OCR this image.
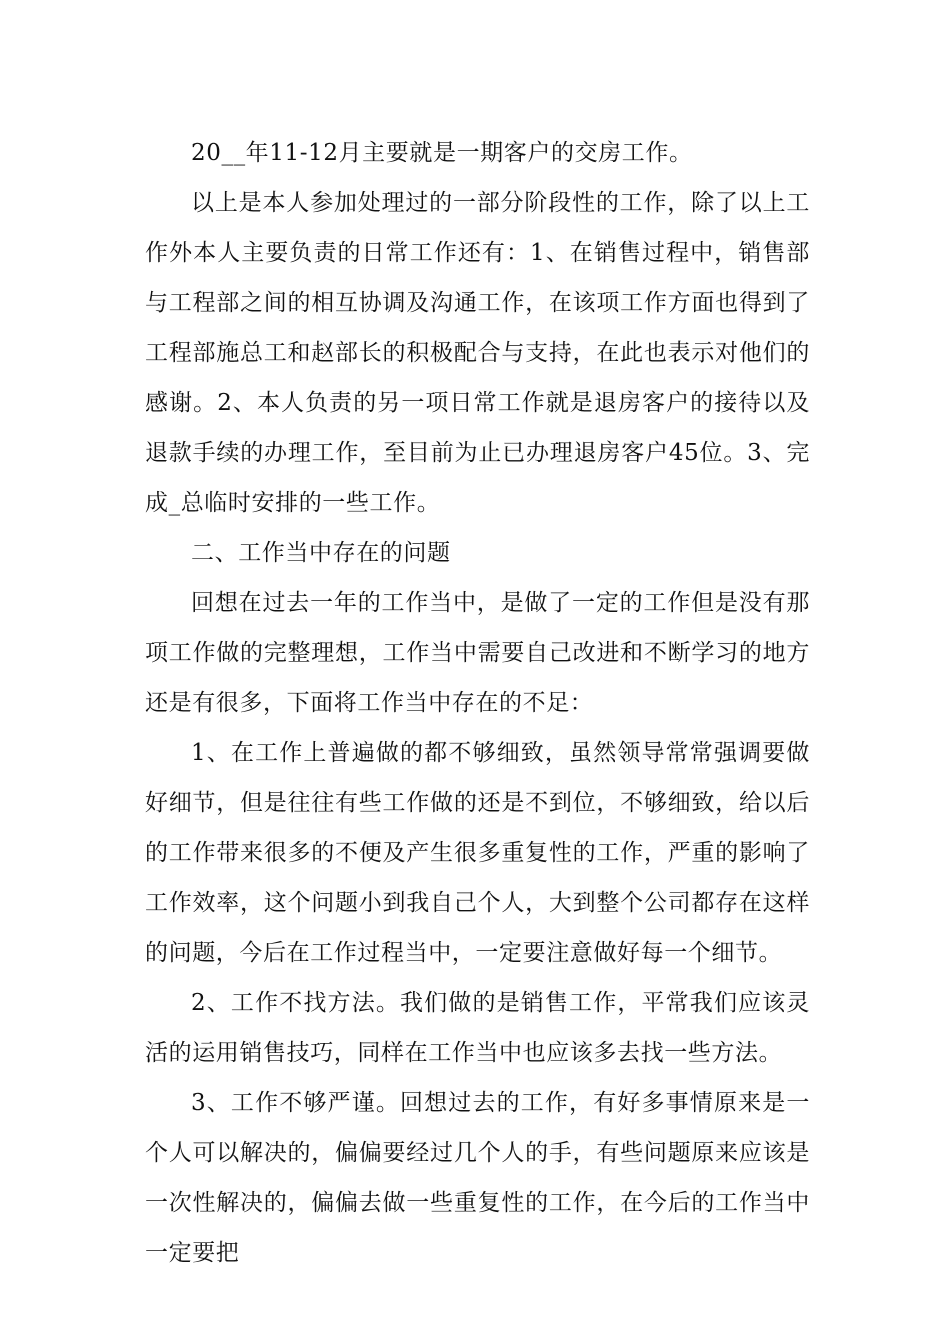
20__年11-12月主要就是一期客户的交房工作。

以上是本人参加处理过的一部分阶段性的工作，除了以上工作外本人主要负责的日常工作还有：1、在销售过程中，销售部与工程部之间的相互协调及沟通工作，在该项工作方面也得到了工程部施总工和赵部长的积极配合与支持，在此也表示对他们的感谢。2、本人负责的另一项日常工作就是退房客户的接待以及退款手续的办理工作，至目前为止已办理退房客户45位。3、完成_总临时安排的一些工作。

二、工作当中存在的问题

回想在过去一年的工作当中，是做了一定的工作但是没有那项工作做的完整理想，工作当中需要自己改进和不断学习的地方还是有很多，下面将工作当中存在的不足：

1、在工作上普遍做的都不够细致，虽然领导常常强调要做好细节，但是往往有些工作做的还是不到位，不够细致，给以后的工作带来很多的不便及产生很多重复性的工作，严重的影响了工作效率，这个问题小到我自己个人，大到整个公司都存在这样的问题，今后在工作过程当中，一定要注意做好每一个细节。

2、工作不找方法。我们做的是销售工作，平常我们应该灵活的运用销售技巧，同样在工作当中也应该多去找一些方法。

3、工作不够严谨。回想过去的工作，有好多事情原来是一个人可以解决的，偏偏要经过几个人的手，有些问题原来应该是一次性解决的，偏偏去做一些重复性的工作，在今后的工作当中一定要把
